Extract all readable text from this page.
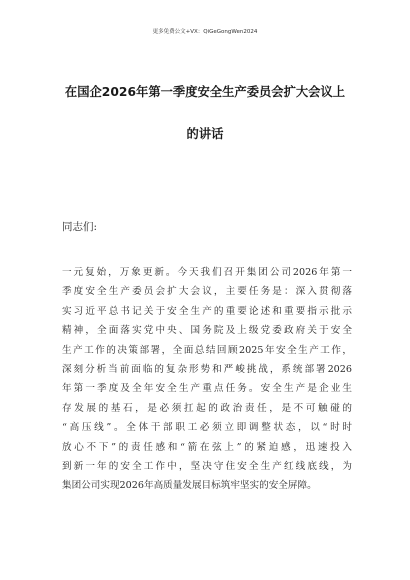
更多免费公文+VX：QiGeGongWen2024
在国企2026年第一季度安全生产委员会扩大会议上
的讲话
同志们:
一元复始，万象更新。今天我们召开集团公司2026年第一
季度安全生产委员会扩大会议，主要任务是：深入贯彻落
实习近平总书记关于安全生产的重要论述和重要指示批示
精神，全面落实党中央、国务院及上级党委政府关于安全
生产工作的决策部署，全面总结回顾2025年安全生产工作，
深刻分析当前面临的复杂形势和严峻挑战，系统部署2026
年第一季度及全年安全生产重点任务。安全生产是企业生
存发展的基石，是必须扛起的政治责任，是不可触碰的
“高压线”。全体干部职工必须立即调整状态，以“时时
放心不下”的责任感和“箭在弦上”的紧迫感，迅速投入
到新一年的安全工作中，坚决守住安全生产红线底线，为
集团公司实现2026年高质量发展目标筑牢坚实的安全屏障。
